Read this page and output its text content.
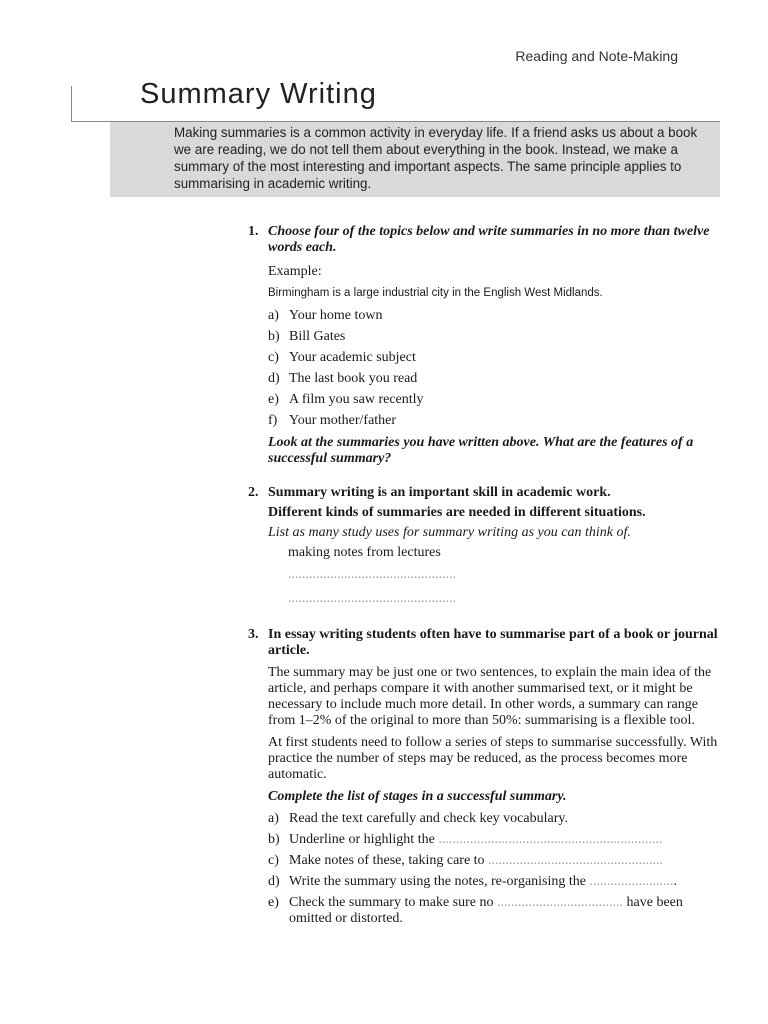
Reading and Note-Making
Summary Writing
Making summaries is a common activity in everyday life. If a friend asks us about a book we are reading, we do not tell them about everything in the book. Instead, we make a summary of the most interesting and important aspects. The same principle applies to summarising in academic writing.
1. Choose four of the topics below and write summaries in no more than twelve words each.

Example:

Birmingham is a large industrial city in the English West Midlands.

a) Your home town
b) Bill Gates
c) Your academic subject
d) The last book you read
e) A film you saw recently
f) Your mother/father

Look at the summaries you have written above. What are the features of a successful summary?

2. Summary writing is an important skill in academic work.

Different kinds of summaries are needed in different situations.

List as many study uses for summary writing as you can think of.

making notes from lectures

................................................

................................................

3. In essay writing students often have to summarise part of a book or journal article.

The summary may be just one or two sentences, to explain the main idea of the article, and perhaps compare it with another summarised text, or it might be necessary to include much more detail. In other words, a summary can range from 1–2% of the original to more than 50%: summarising is a flexible tool.

At first students need to follow a series of steps to summarise successfully. With practice the number of steps may be reduced, as the process becomes more automatic.

Complete the list of stages in a successful summary.

a) Read the text carefully and check key vocabulary.
b) Underline or highlight the ................................................................
c) Make notes of these, taking care to ..................................................
d) Write the summary using the notes, re-organising the .........................
e) Check the summary to make sure no .................................... have been omitted or distorted.
